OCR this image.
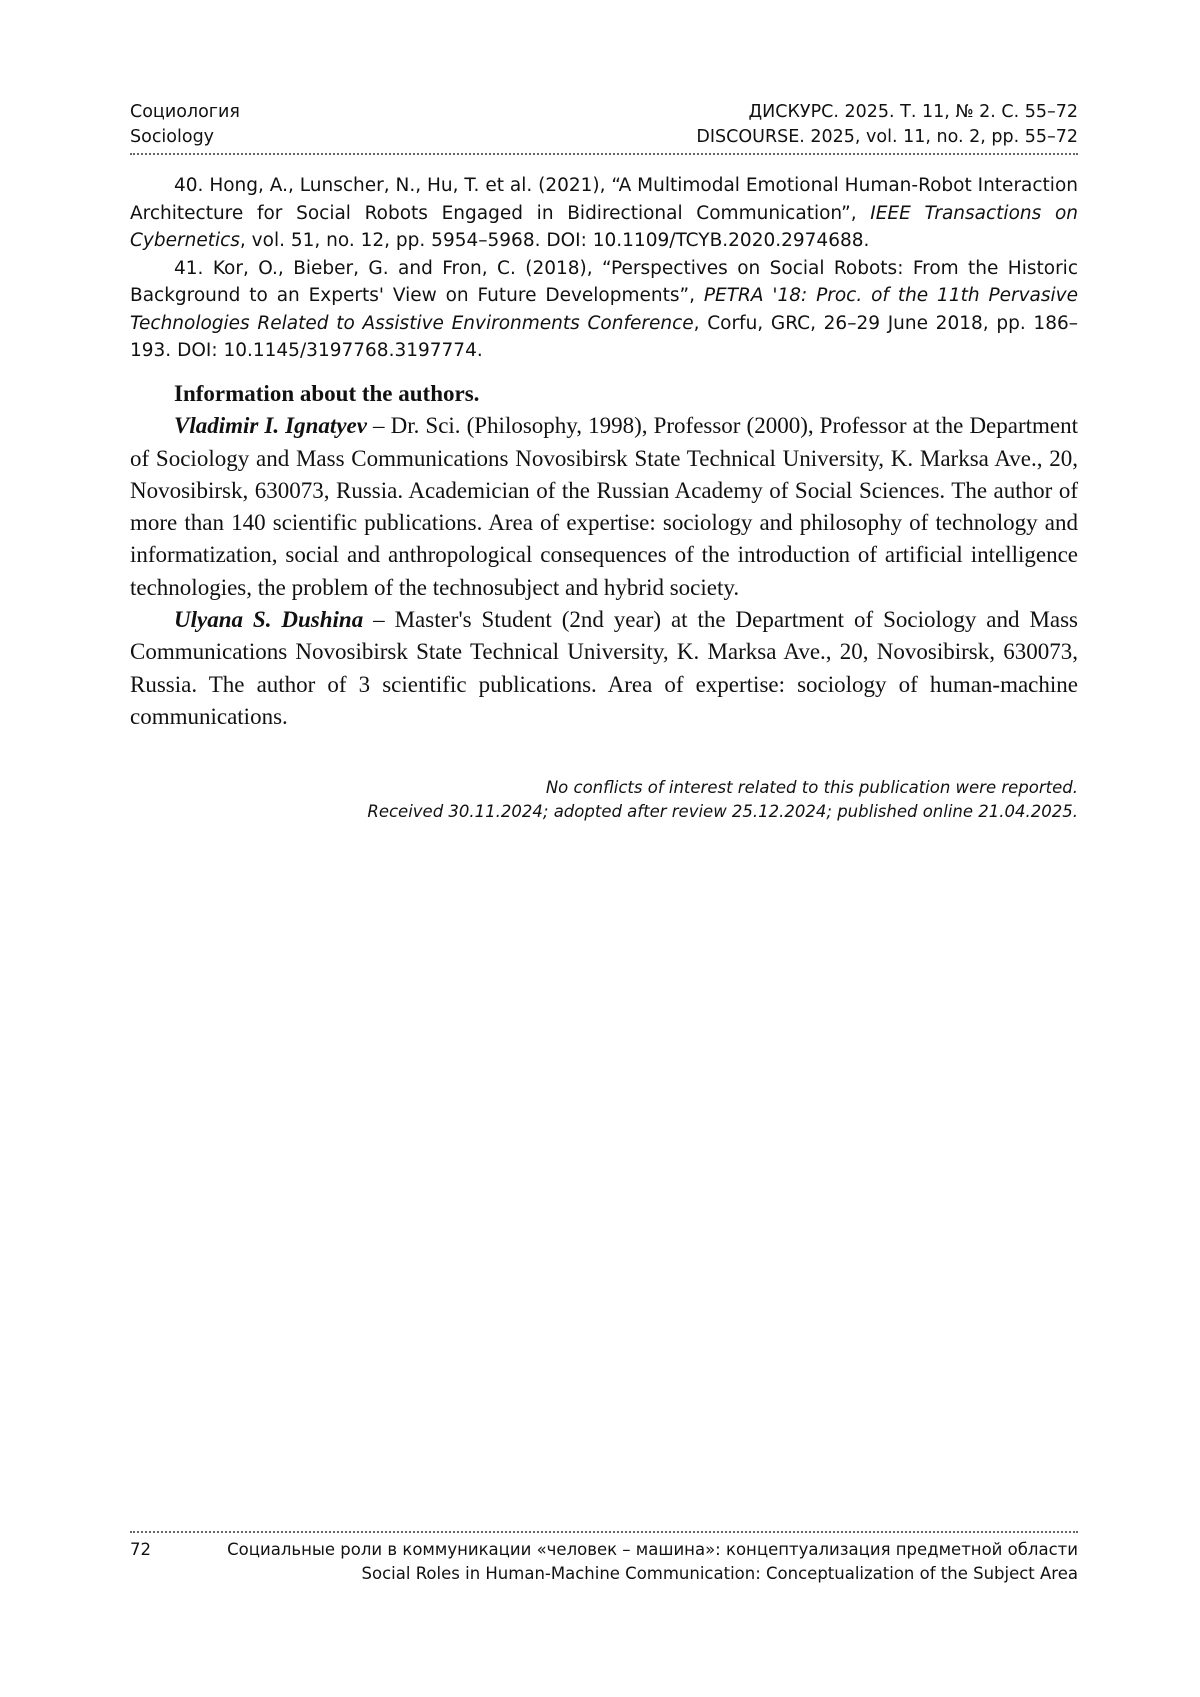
Социология	ДИСКУРС. 2025. Т. 11, № 2. С. 55–72
Sociology	DISCOURSE. 2025, vol. 11, no. 2, pp. 55–72

40. Hong, A., Lunscher, N., Hu, T. et al. (2021), “A Multimodal Emotional Human-Robot Interaction Architecture for Social Robots Engaged in Bidirectional Communication”, IEEE Transactions on Cybernetics, vol. 51, no. 12, pp. 5954–5968. DOI: 10.1109/TCYB.2020.2974688.

41. Kor, O., Bieber, G. and Fron, C. (2018), “Perspectives on Social Robots: From the Historic Back­ground to an Experts' View on Future Developments”, PETRA '18: Proc. of the 11th Pervasive Technologies Related to Assistive Environments Conference, Corfu, GRC, 26–29 June 2018, pp. 186–193. DOI: 10.1145/3197768.3197774.

Information about the authors.

Vladimir I. Ignatyev – Dr. Sci. (Philosophy, 1998), Professor (2000), Professor at the Department of Sociology and Mass Communications Novosibirsk State Technical University, K. Marksa Ave., 20, Novosibirsk, 630073, Russia. Academician of the Russian Academy of Social Sciences. The author of more than 140 scientific publications. Area of expertise: sociology and philosophy of technology and informatization, social and anthropological consequences of the introduction of artificial intelligence technologies, the problem of the technosubject and hybrid society.

Ulyana S. Dushina – Master's Student (2nd year) at the Department of Sociology and Mass Communications Novosibirsk State Technical University, K. Marksa Ave., 20, Novosibirsk, 630073, Russia. The author of 3 scientific publications. Area of expertise: sociology of human-machine communications.

No conflicts of interest related to this publication were reported.
Received 30.11.2024; adopted after review 25.12.2024; published online 21.04.2025.
72	Социальные роли в коммуникации «человек – машина»: концептуализация предметной области
Social Roles in Human-Machine Communication: Conceptualization of the Subject Area
